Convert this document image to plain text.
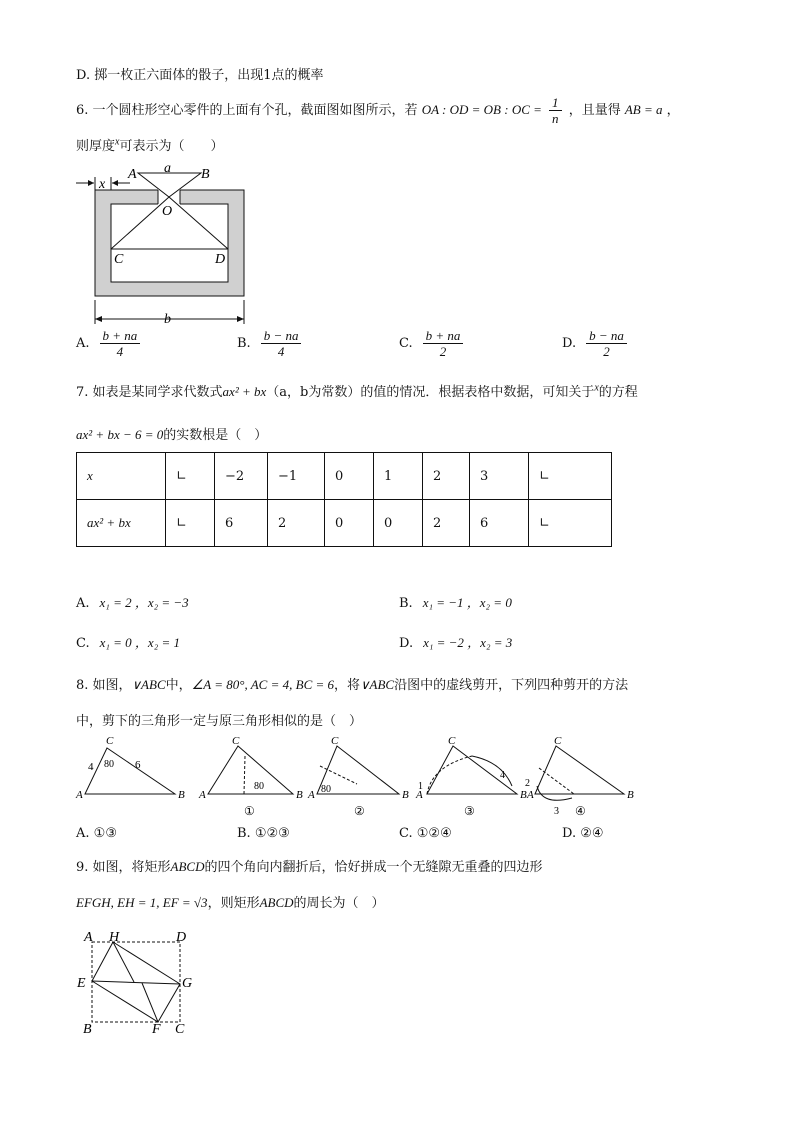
D. 掷一枚正六面体的骰子，出现1点的概率
6. 一个圆柱形空心零件的上面有个孔，截面图如图所示，若 OA : OD = OB : OC = $\frac{1}{n}$ ，且量得 AB = a ，
则厚度$^x$可表示为（　　）
A	B
a
O
C	D
x
b
A. $\frac{b + na}{4}$	B. $\frac{b - na}{4}$	C. $\frac{b + na}{2}$	D. $\frac{b - na}{2}$
7. 如表是某同学求代数式ax² + bx（a，b为常数）的值的情况．根据表格中数据，可知关于$^x$的方程
ax² + bx − 6 = 0的实数根是（　）
x	∟	−2	−1	0	1	2	3	∟
ax² + bx	∟	6	2	0	0	2	6	∟
A. x₁ = 2 ，x₂ = −3	B. x₁ = −1 ，x₂ = 0
C. x₁ = 0 ，x₂ = 1	D. x₁ = −2 ，x₂ = 3
8. 如图，∨ABC中，∠A = 80°, AC = 4, BC = 6，将∨ABC沿图中的虚线剪开，下列四种剪开的方法
中，剪下的三角形一定与原三角形相似的是（　）
C
A	B
4	6
80
C
A	B
80
①
C
A	B
80
②
C
A	B
1
4
③
C
A	B
2
3 ④
A. ①③	B. ①②③	C. ①②④	D. ②④
9. 如图，将矩形ABCD的四个角向内翻折后，恰好拼成一个无缝隙无重叠的四边形
EFGH, EH = 1, EF = √3，则矩形ABCD的周长为（　）
A H	D
E	G
B	F C
